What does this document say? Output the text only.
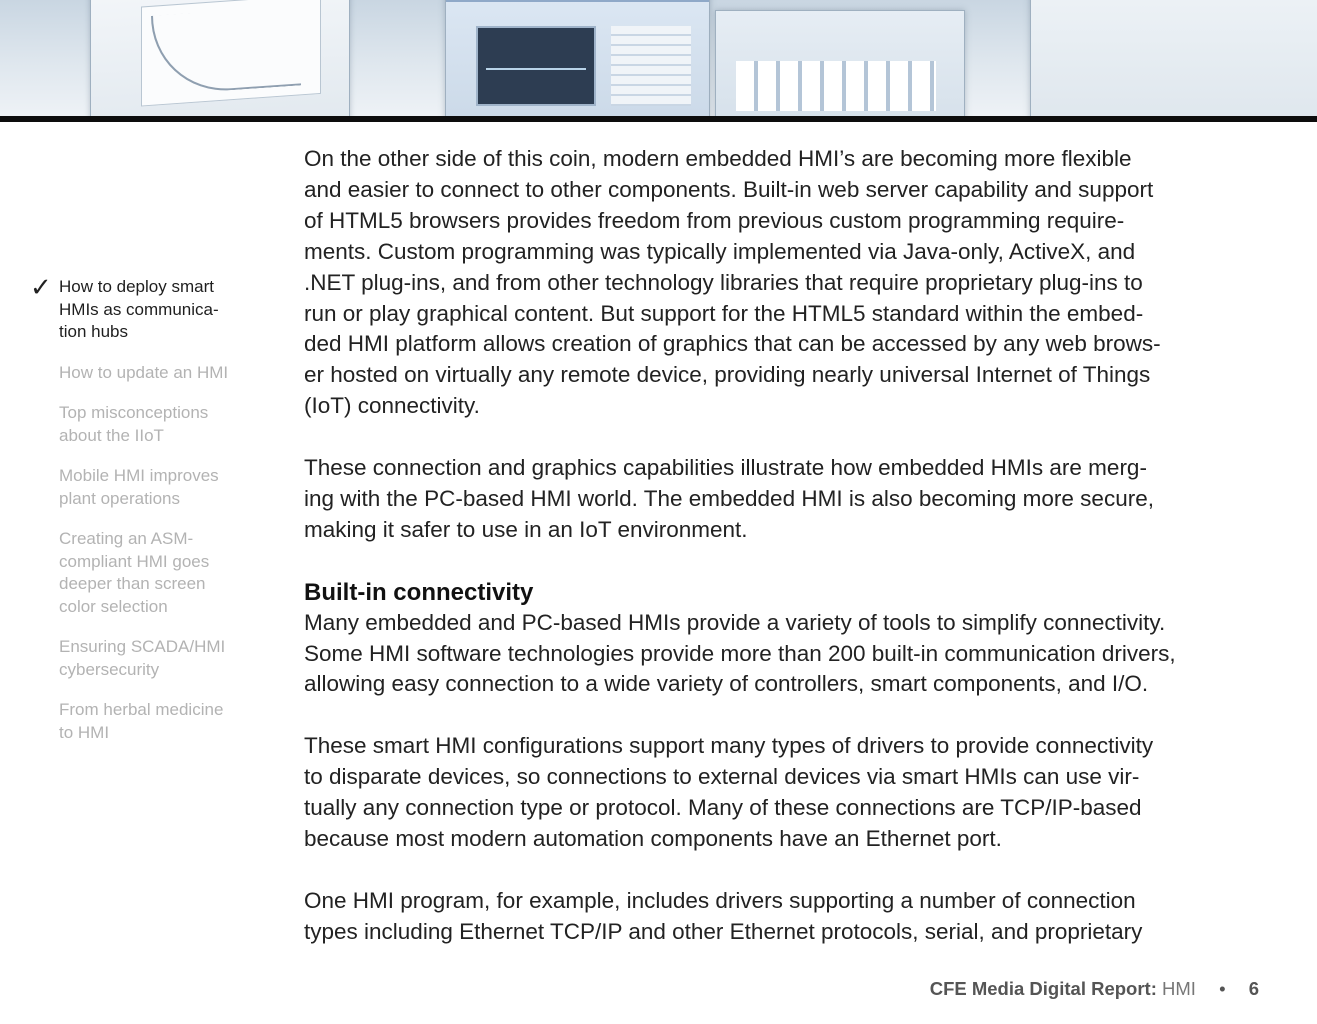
✓ How to deploy smart
HMIs as communica-
tion hubs
How to update an HMI
Top misconceptions
about the IIoT
Mobile HMI improves
plant operations
Creating an ASM-
compliant HMI goes
deeper than screen
color selection
Ensuring SCADA/HMI
cybersecurity
From herbal medicine
to HMI

On the other side of this coin, modern embedded HMI’s are becoming more flexible
and easier to connect to other components. Built-in web server capability and support
of HTML5 browsers provides freedom from previous custom programming require-
ments. Custom programming was typically implemented via Java-only, ActiveX, and
.NET plug-ins, and from other technology libraries that require proprietary plug-ins to
run or play graphical content. But support for the HTML5 standard within the embed-
ded HMI platform allows creation of graphics that can be accessed by any web brows-
er hosted on virtually any remote device, providing nearly universal Internet of Things
(IoT) connectivity.

These connection and graphics capabilities illustrate how embedded HMIs are merg-
ing with the PC-based HMI world. The embedded HMI is also becoming more secure,
making it safer to use in an IoT environment.

Built-in connectivity

Many embedded and PC-based HMIs provide a variety of tools to simplify connectivity.
Some HMI software technologies provide more than 200 built-in communication drivers,
allowing easy connection to a wide variety of controllers, smart components, and I/O.

These smart HMI configurations support many types of drivers to provide connectivity
to disparate devices, so connections to external devices via smart HMIs can use vir-
tually any connection type or protocol. Many of these connections are TCP/IP-based
because most modern automation components have an Ethernet port.

One HMI program, for example, includes drivers supporting a number of connection
types including Ethernet TCP/IP and other Ethernet protocols, serial, and proprietary

CFE Media Digital Report: HMI • 6
